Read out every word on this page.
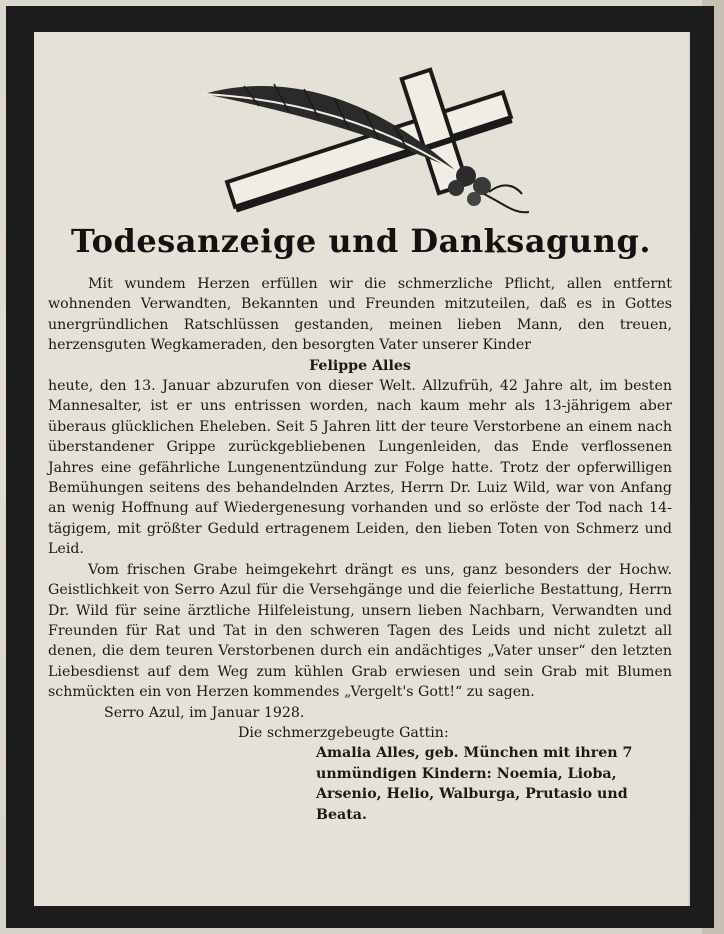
Todesanzeige und Danksagung.

Mit wundem Herzen erfüllen wir die schmerzliche Pflicht, allen entfernt wohnenden Verwandten, Bekannten und Freunden mitzuteilen, daß es in Gottes unergründlichen Ratschlüssen gestanden, meinen lieben Mann, den treuen, herzensguten Wegkameraden, den besorgten Vater unserer Kinder

Felippe Alles

heute, den 13. Januar abzurufen von dieser Welt. Allzufrüh, 42 Jahre alt, im besten Mannesalter, ist er uns entrissen worden, nach kaum mehr als 13-jährigem aber überaus glücklichen Eheleben. Seit 5 Jahren litt der teure Verstorbene an einem nach überstandener Grippe zurückgebliebenen Lungenleiden, das Ende verflossenen Jahres eine gefährliche Lungenentzündung zur Folge hatte. Trotz der opferwilligen Bemühungen seitens des behandelnden Arztes, Herrn Dr. Luiz Wild, war von Anfang an wenig Hoffnung auf Wiedergenesung vorhanden und so erlöste der Tod nach 14-tägigem, mit größter Geduld ertragenem Leiden, den lieben Toten von Schmerz und Leid.

Vom frischen Grabe heimgekehrt drängt es uns, ganz besonders der Hochw. Geistlichkeit von Serro Azul für die Versehgänge und die feierliche Bestattung, Herrn Dr. Wild für seine ärztliche Hilfeleistung, unsern lieben Nachbarn, Verwandten und Freunden für Rat und Tat in den schweren Tagen des Leids und nicht zuletzt all denen, die dem teuren Verstorbenen durch ein andächtiges „Vater unser“ den letzten Liebesdienst auf dem Weg zum kühlen Grab erwiesen und sein Grab mit Blumen schmückten ein von Herzen kommendes „Vergelt's Gott!“ zu sagen.

Serro Azul, im Januar 1928.

Die schmerzgebeugte Gattin:

Amalia Alles, geb. München mit ihren 7 unmündigen Kindern: Noemia, Lioba, Arsenio, Helio, Walburga, Prutasio und Beata.
